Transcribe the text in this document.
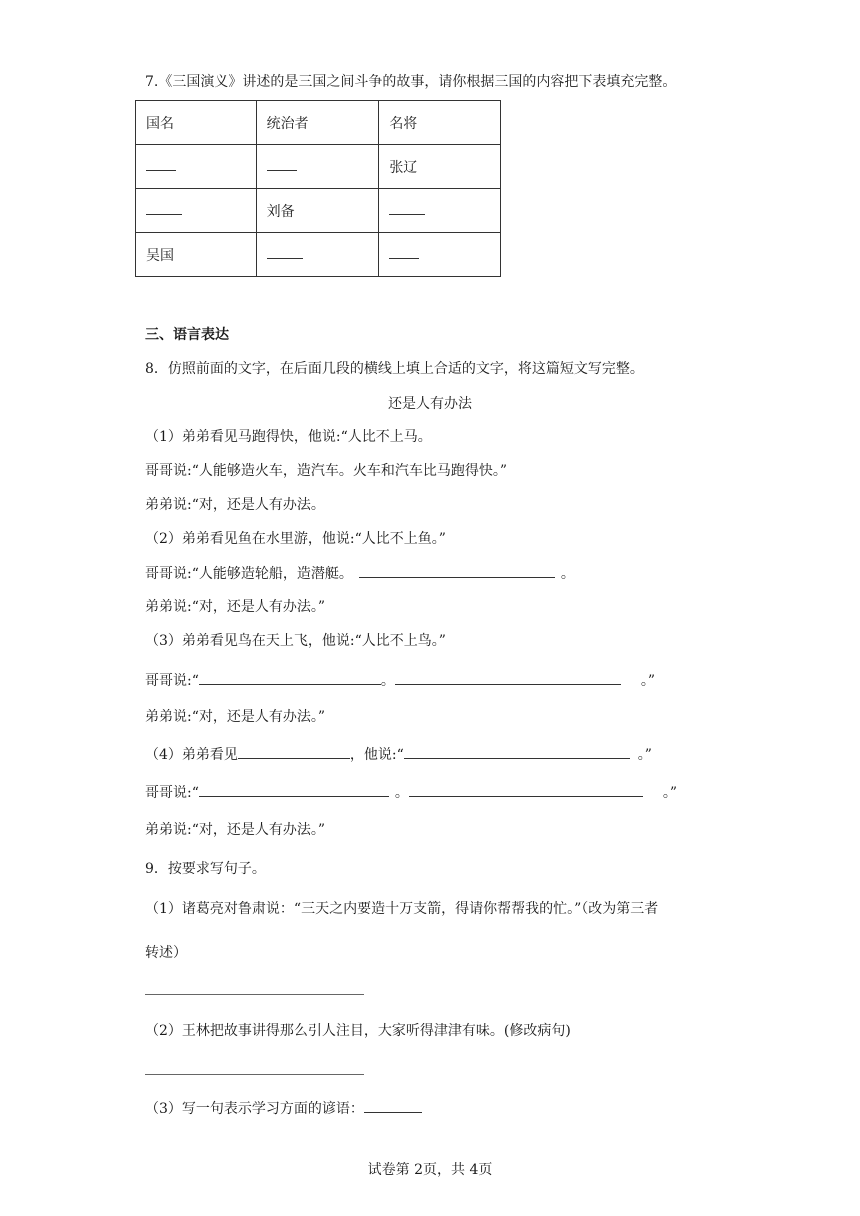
7.《三国演义》讲述的是三国之间斗争的故事，请你根据三国的内容把下表填充完整。
国名	统治者	名将
		张辽
	刘备	
吴国		
三、语言表达
8．仿照前面的文字，在后面几段的横线上填上合适的文字，将这篇短文写完整。
还是人有办法
（1）弟弟看见马跑得快，他说:“人比不上马。
哥哥说:“人能够造火车，造汽车。火车和汽车比马跑得快。”
弟弟说:“对，还是人有办法。
（2）弟弟看见鱼在水里游，他说:“人比不上鱼。”
哥哥说:“人能够造轮船，造潜艇。	。
弟弟说:“对，还是人有办法。”
（3）弟弟看见鸟在天上飞，他说:“人比不上鸟。”
哥哥说:“	。	。”
弟弟说:“对，还是人有办法。”
（4）弟弟看见	，他说:“	。”
哥哥说:“	。	。”
弟弟说:“对，还是人有办法。”
9．按要求写句子。
（1）诸葛亮对鲁肃说：“三天之内要造十万支箭，得请你帮帮我的忙。”（改为第三者
转述）
（2）王林把故事讲得那么引人注目，大家听得津津有味。(修改病句)
（3）写一句表示学习方面的谚语：
试卷第 2页，共 4页
